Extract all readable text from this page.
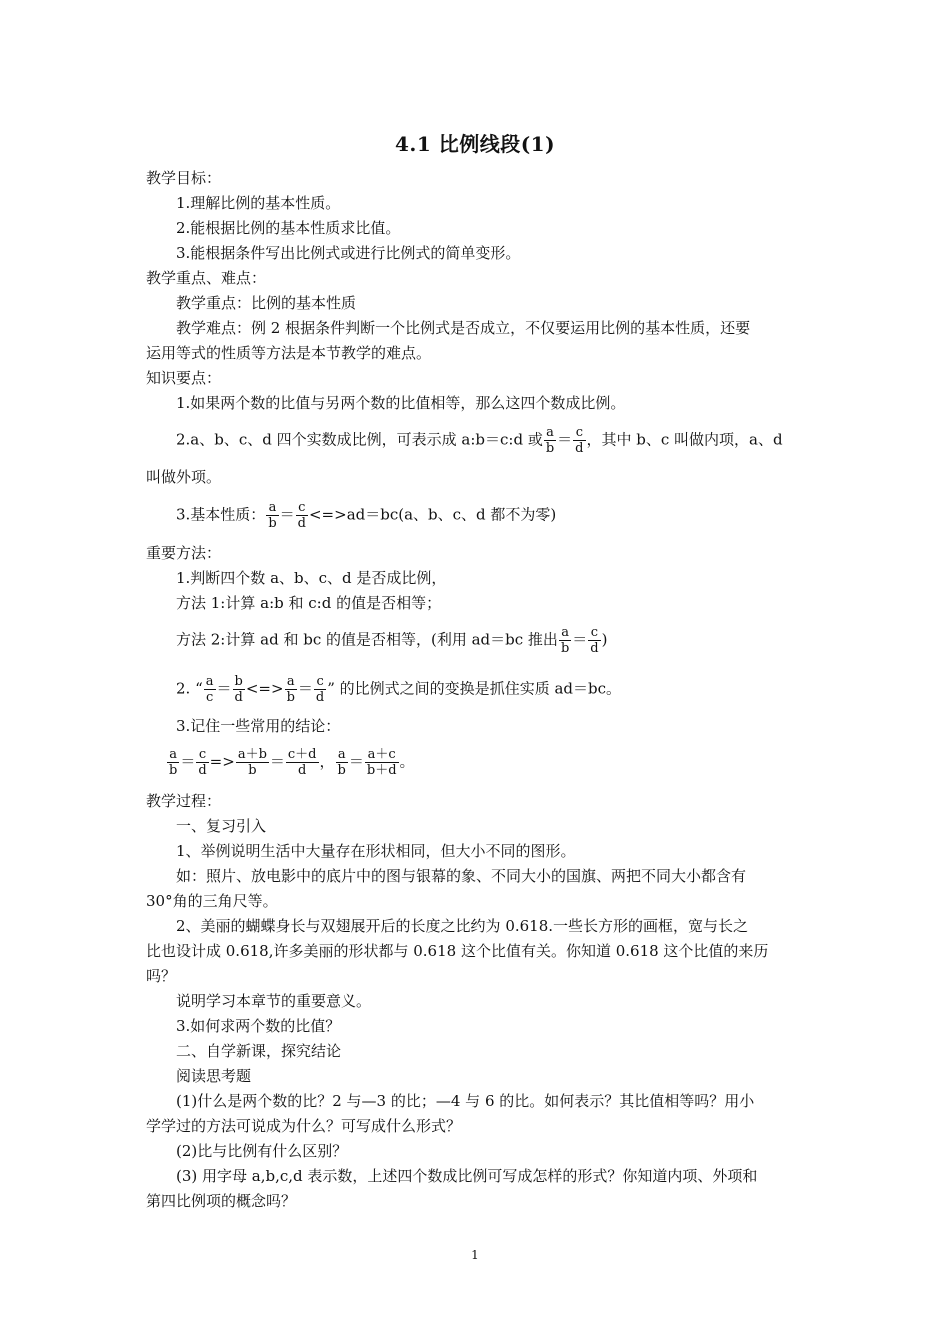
4.1 比例线段(1)
教学目标：
1.理解比例的基本性质。
2.能根据比例的基本性质求比值。
3.能根据条件写出比例式或进行比例式的简单变形。
教学重点、难点：
教学重点：比例的基本性质
教学难点：例 2 根据条件判断一个比例式是否成立，不仅要运用比例的基本性质，还要
运用等式的性质等方法是本节教学的难点。
知识要点：
1.如果两个数的比值与另两个数的比值相等，那么这四个数成比例。
2.a、b、c、d 四个实数成比例，可表示成 a:b＝c:d 或 $\frac{a}{b} = \frac{c}{d}$ ，其中 b、c 叫做内项，a、d
叫做外项。
3.基本性质： $\frac{a}{b} = \frac{c}{d} <=>ad=bc(a$、b、c、d 都不为零)
重要方法：
1.判断四个数 a、b、c、d 是否成比例，
方法 1:计算 a:b 和 c:d 的值是否相等；
方法 2:计算 ad 和 bc 的值是否相等，(利用 ad＝bc 推出 $\frac{a}{b} = \frac{c}{d}$ )
2. “ $\frac{a}{c} = \frac{b}{d}$ <=> $\frac{a}{b} = \frac{c}{d}$ ” 的比例式之间的变换是抓住实质 ad＝bc。
3.记住一些常用的结论：
$\frac{a}{b} = \frac{c}{d} => \frac{a+b}{b} = \frac{c+d}{d}$ ， $\frac{a}{b} = \frac{a+c}{b+d}$ 。
教学过程：
一、复习引入
1、举例说明生活中大量存在形状相同，但大小不同的图形。
如：照片、放电影中的底片中的图与银幕的象、不同大小的国旗、两把不同大小都含有
30°角的三角尺等。
2、美丽的蝴蝶身长与双翅展开后的长度之比约为 0.618.一些长方形的画框，宽与长之
比也设计成 0.618,许多美丽的形状都与 0.618 这个比值有关。你知道 0.618 这个比值的来历
吗？
说明学习本章节的重要意义。
3.如何求两个数的比值？
二、自学新课，探究结论
阅读思考题
(1)什么是两个数的比？2 与—3 的比；—4 与 6 的比。如何表示？其比值相等吗？用小
学学过的方法可说成为什么？可写成什么形式？
(2)比与比例有什么区别？
(3) 用字母 a,b,c,d 表示数，上述四个数成比例可写成怎样的形式？你知道内项、外项和
第四比例项的概念吗？
1
